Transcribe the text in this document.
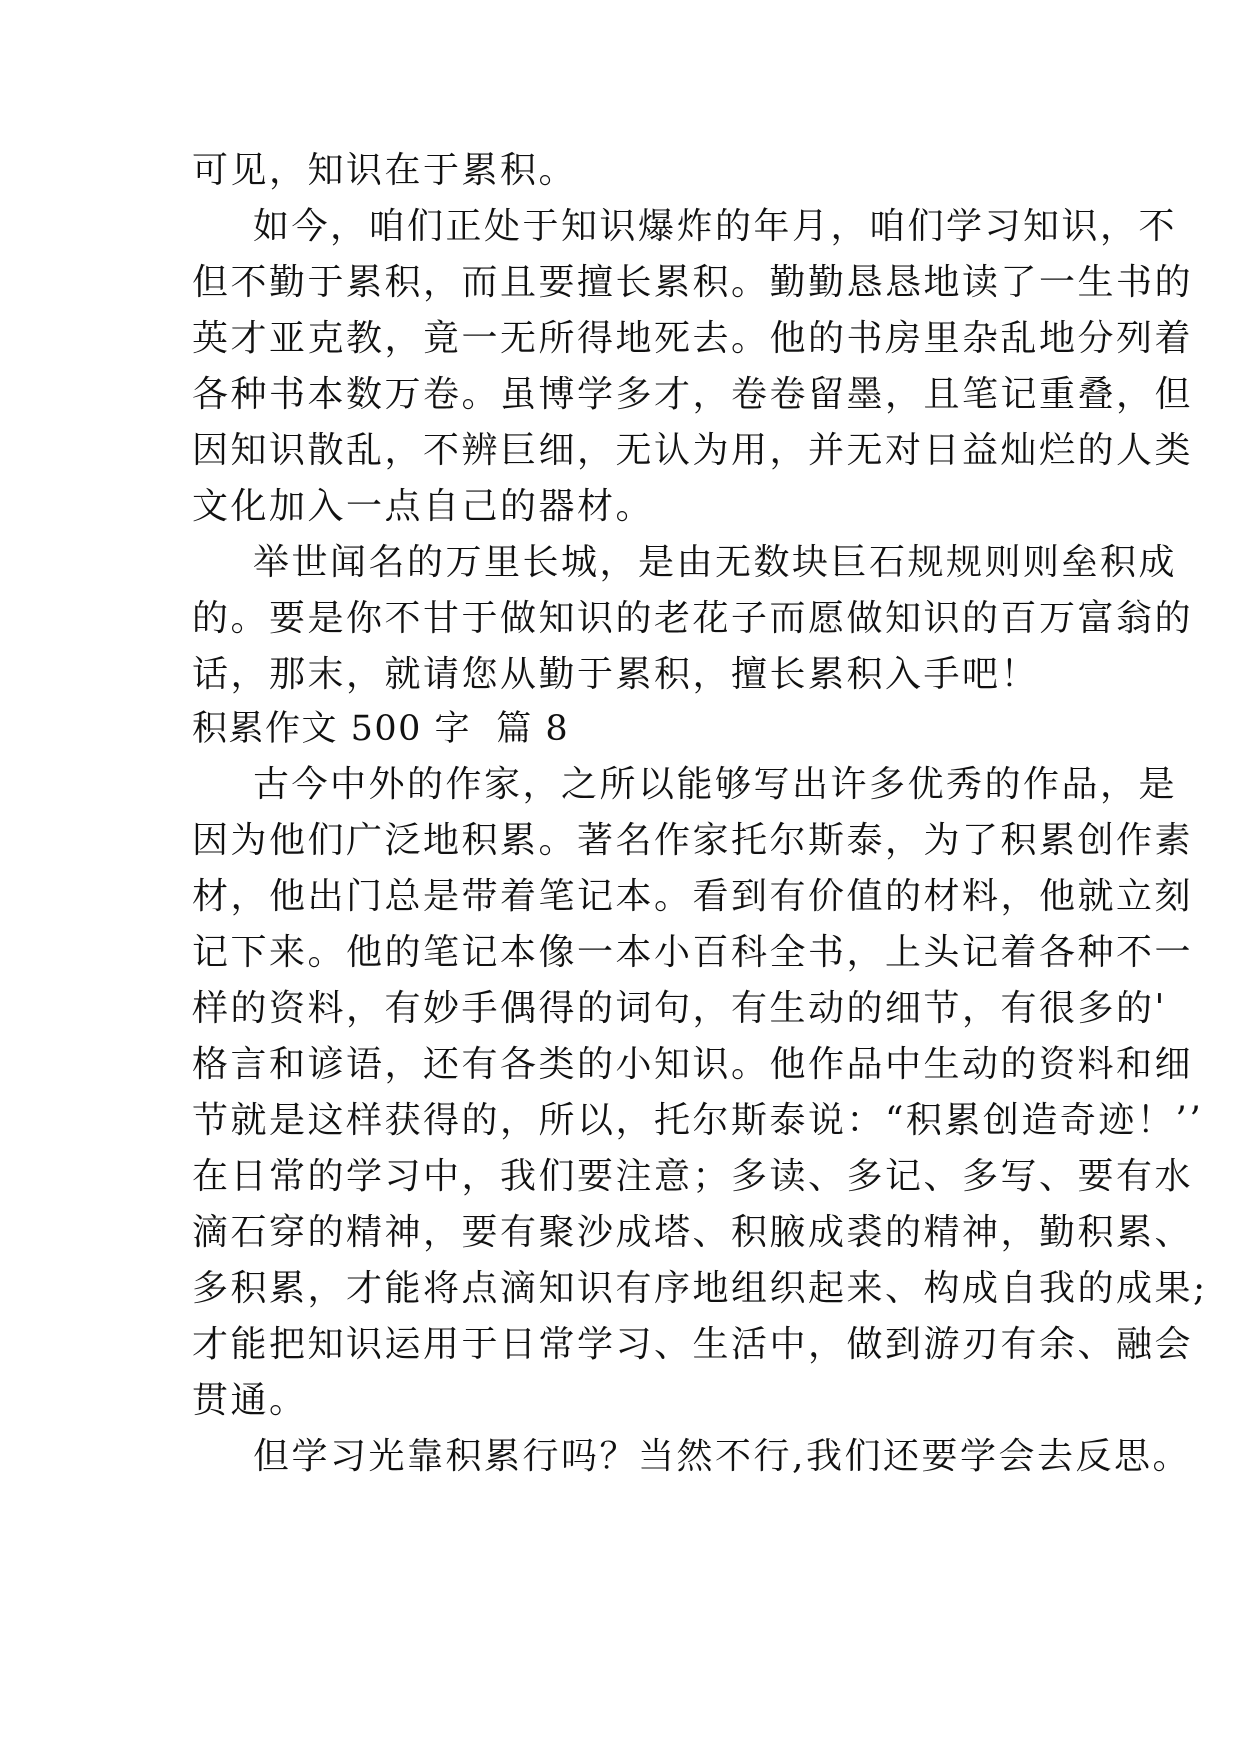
可见，知识在于累积。
如今，咱们正处于知识爆炸的年月，咱们学习知识，不
但不勤于累积，而且要擅长累积。勤勤恳恳地读了一生书的
英才亚克教，竟一无所得地死去。他的书房里杂乱地分列着
各种书本数万卷。虽博学多才，卷卷留墨，且笔记重叠，但
因知识散乱，不辨巨细，无认为用，并无对日益灿烂的人类
文化加入一点自己的器材。
举世闻名的万里长城，是由无数块巨石规规则则垒积成
的。要是你不甘于做知识的老花子而愿做知识的百万富翁的
话，那末，就请您从勤于累积，擅长累积入手吧！
积累作文 500 字  篇 8
古今中外的作家，之所以能够写出许多优秀的作品，是
因为他们广泛地积累。著名作家托尔斯泰，为了积累创作素
材，他出门总是带着笔记本。看到有价值的材料，他就立刻
记下来。他的笔记本像一本小百科全书，上头记着各种不一
样的资料，有妙手偶得的词句，有生动的细节，有很多的'
格言和谚语，还有各类的小知识。他作品中生动的资料和细
节就是这样获得的，所以，托尔斯泰说：“积累创造奇迹！’’
在日常的学习中，我们要注意；多读、多记、多写、要有水
滴石穿的精神，要有聚沙成塔、积腋成裘的精神，勤积累、
多积累，才能将点滴知识有序地组织起来、构成自我的成果;
才能把知识运用于日常学习、生活中，做到游刃有余、融会
贯通。
但学习光靠积累行吗？当然不行,我们还要学会去反思。
